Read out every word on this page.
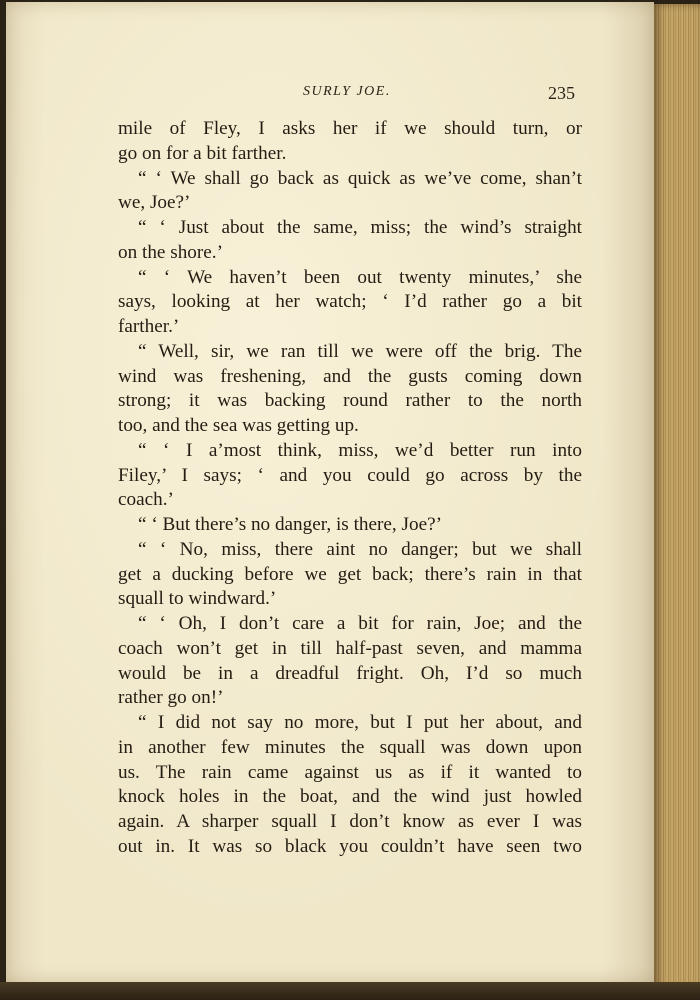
SURLY JOE.	235
mile of Fley, I asks her if we should turn, or
go on for a bit farther.
“ ‘ We shall go back as quick as we’ve come, shan’t
we, Joe?’
“ ‘ Just about the same, miss; the wind’s straight
on the shore.’
“ ‘ We haven’t been out twenty minutes,’ she
says, looking at her watch; ‘ I’d rather go a bit
farther.’
“ Well, sir, we ran till we were off the brig. The
wind was freshening, and the gusts coming down
strong; it was backing round rather to the north
too, and the sea was getting up.
“ ‘ I a’most think, miss, we’d better run into
Filey,’ I says; ‘ and you could go across by the
coach.’
“ ‘ But there’s no danger, is there, Joe?’
“ ‘ No, miss, there aint no danger; but we shall
get a ducking before we get back; there’s rain in that
squall to windward.’
“ ‘ Oh, I don’t care a bit for rain, Joe; and the
coach won’t get in till half-past seven, and mamma
would be in a dreadful fright. Oh, I’d so much
rather go on!’
“ I did not say no more, but I put her about, and
in another few minutes the squall was down upon
us. The rain came against us as if it wanted to
knock holes in the boat, and the wind just howled
again. A sharper squall I don’t know as ever I was
out in. It was so black you couldn’t have seen two
